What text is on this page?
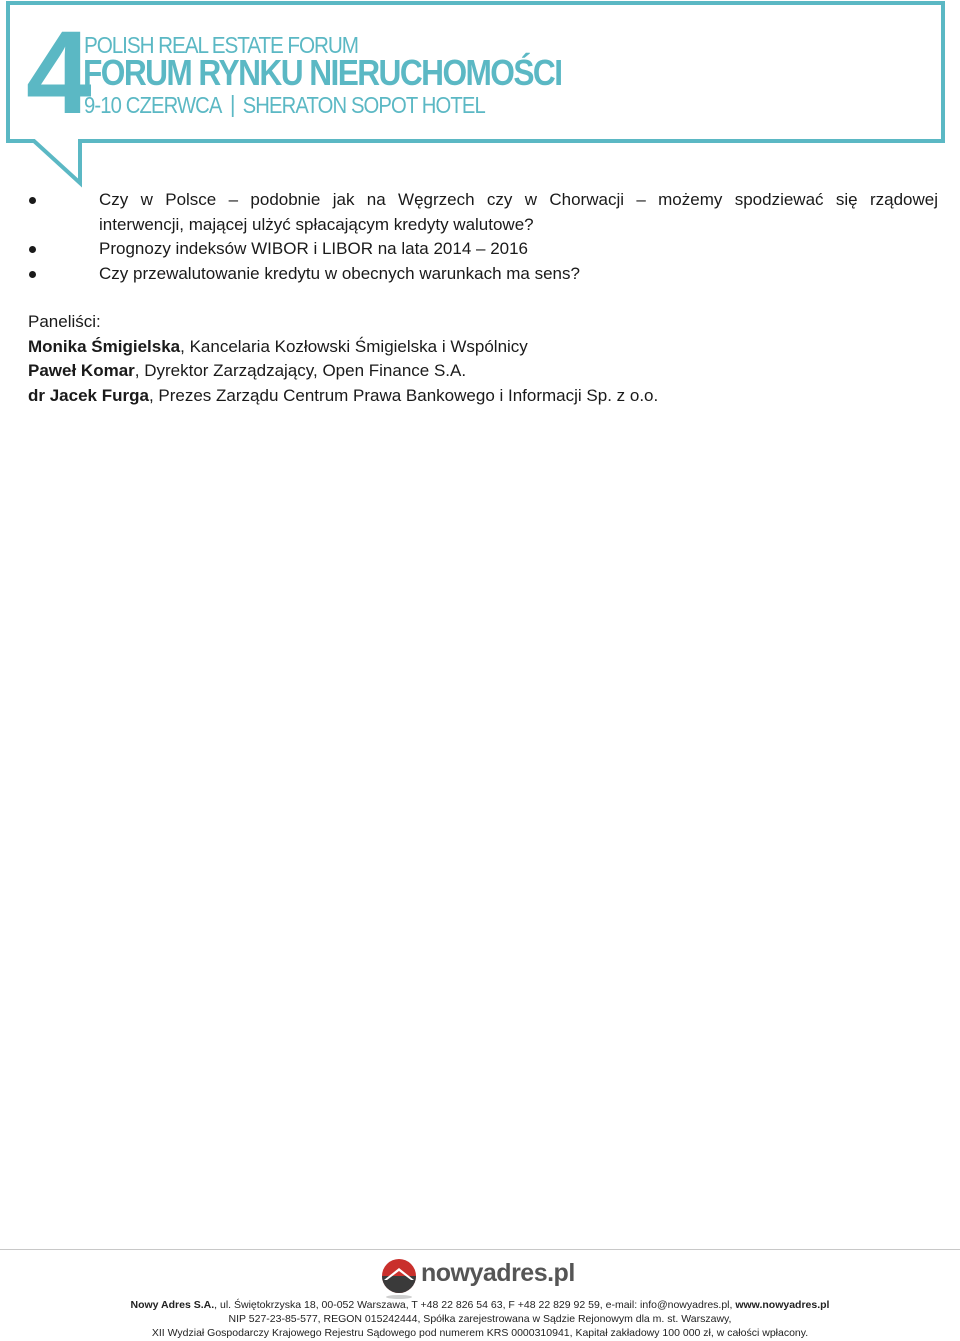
4
POLISH REAL ESTATE FORUM
FORUM RYNKU NIERUCHOMOŚCI
9-10 CZERWCA SHERATON SOPOT HOTEL
Czy w Polsce – podobnie jak na Węgrzech czy w Chorwacji – możemy spodziewać się rządowej
interwencji, mającej ulżyć spłacającym kredyty walutowe?
Prognozy indeksów WIBOR i LIBOR na lata 2014 – 2016
Czy przewalutowanie kredytu w obecnych warunkach ma sens?
Paneliści:
Monika Śmigielska, Kancelaria Kozłowski Śmigielska i Wspólnicy
Paweł Komar, Dyrektor Zarządzający, Open Finance S.A.
dr Jacek Furga, Prezes Zarządu Centrum Prawa Bankowego i Informacji Sp. z o.o.
nowyadres.pl
Nowy Adres S.A., ul. Świętokrzyska 18, 00-052 Warszawa, T +48 22 826 54 63, F +48 22 829 92 59, e-mail: info@nowyadres.pl, www.nowyadres.pl
NIP 527-23-85-577, REGON 015242444, Spółka zarejestrowana w Sądzie Rejonowym dla m. st. Warszawy,
XII Wydział Gospodarczy Krajowego Rejestru Sądowego pod numerem KRS 0000310941, Kapitał zakładowy 100 000 zł, w całości wpłacony.
